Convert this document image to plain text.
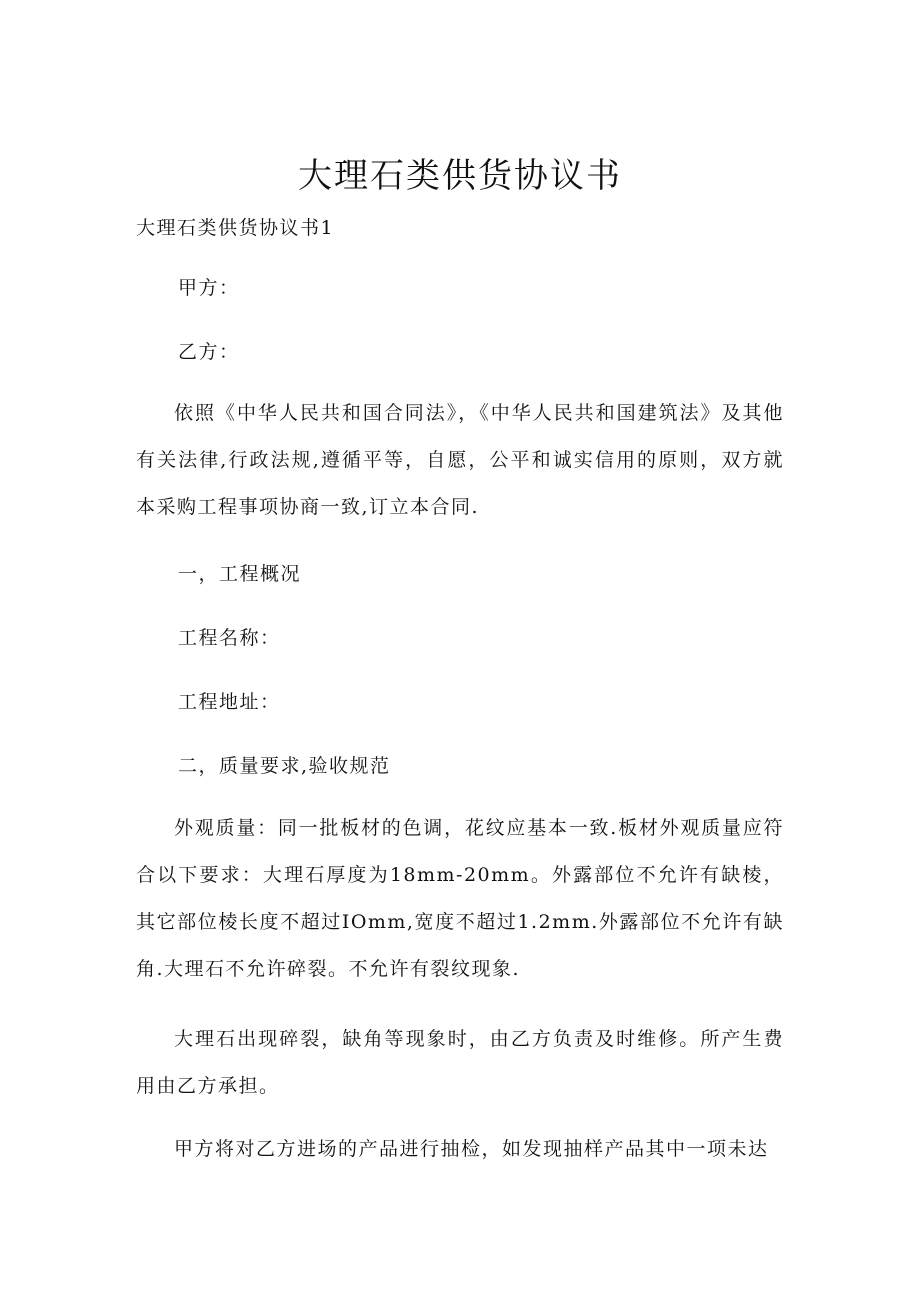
大理石类供货协议书

大理石类供货协议书1

甲方：

乙方：

依照《中华人民共和国合同法》，《中华人民共和国建筑法》及其他有关法律,行政法规,遵循平等，自愿，公平和诚实信用的原则，双方就本采购工程事项协商一致,订立本合同.

一，工程概况

工程名称：

工程地址：

二，质量要求,验收规范

外观质量：同一批板材的色调，花纹应基本一致.板材外观质量应符合以下要求：大理石厚度为18mm-20mm。外露部位不允许有缺棱，其它部位棱长度不超过IOmm,宽度不超过1.2mm.外露部位不允许有缺角.大理石不允许碎裂。不允许有裂纹现象.

大理石出现碎裂，缺角等现象时，由乙方负责及时维修。所产生费用由乙方承担。

甲方将对乙方进场的产品进行抽检，如发现抽样产品其中一项未达
